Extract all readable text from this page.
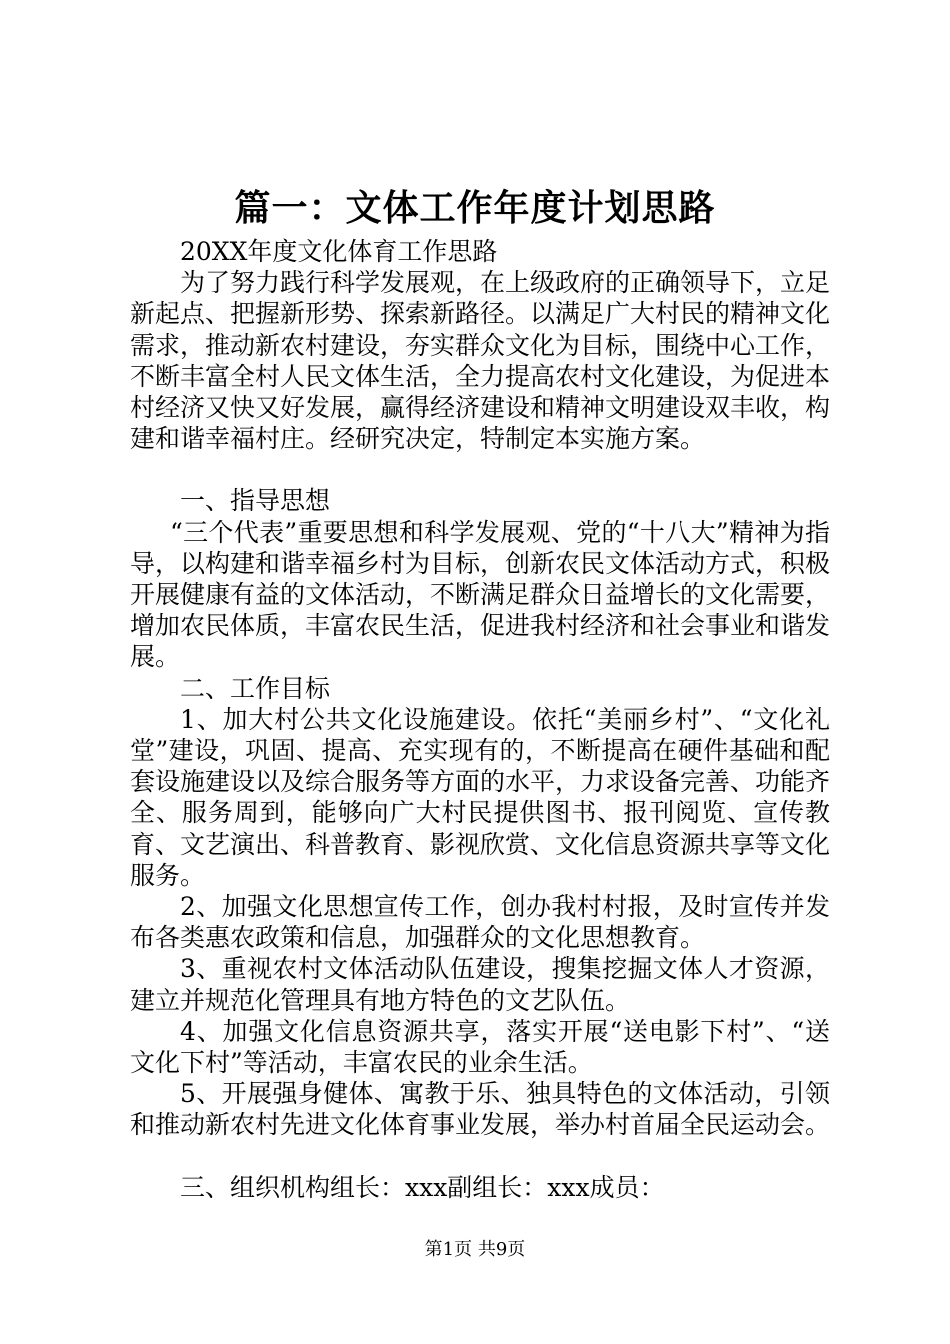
篇一：文体工作年度计划思路

20XX年度文化体育工作思路

为了努力践行科学发展观，在上级政府的正确领导下，立足新起点、把握新形势、探索新路径。以满足广大村民的精神文化需求，推动新农村建设，夯实群众文化为目标，围绕中心工作，不断丰富全村人民文体生活，全力提高农村文化建设，为促进本村经济又快又好发展，赢得经济建设和精神文明建设双丰收，构建和谐幸福村庄。经研究决定，特制定本实施方案。

一、指导思想

“三个代表”重要思想和科学发展观、党的“十八大”精神为指导，以构建和谐幸福乡村为目标，创新农民文体活动方式，积极开展健康有益的文体活动，不断满足群众日益增长的文化需要，增加农民体质，丰富农民生活，促进我村经济和社会事业和谐发展。

二、工作目标

1、加大村公共文化设施建设。依托“美丽乡村”、“文化礼堂”建设，巩固、提高、充实现有的，不断提高在硬件基础和配套设施建设以及综合服务等方面的水平，力求设备完善、功能齐全、服务周到，能够向广大村民提供图书、报刊阅览、宣传教育、文艺演出、科普教育、影视欣赏、文化信息资源共享等文化服务。

2、加强文化思想宣传工作，创办我村村报，及时宣传并发布各类惠农政策和信息，加强群众的文化思想教育。

3、重视农村文体活动队伍建设，搜集挖掘文体人才资源，建立并规范化管理具有地方特色的文艺队伍。

4、加强文化信息资源共享，落实开展“送电影下村”、“送文化下村”等活动，丰富农民的业余生活。

5、开展强身健体、寓教于乐、独具特色的文体活动，引领和推动新农村先进文化体育事业发展，举办村首届全民运动会。

三、组织机构组长：xxx副组长：xxx成员：

第1页 共9页
